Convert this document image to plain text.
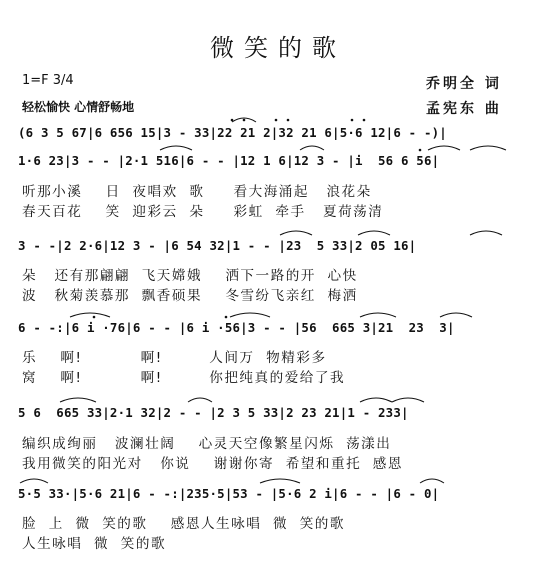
微笑的歌
1=F 3/4
轻松愉快 心情舒畅地
乔明全 词
孟宪东 曲
(6 3 5 67|6 656 15|3 - 33|22 21 2|32 21 6|5·6 12|6 - -)|
1·6 23|3 - - |2·1 516|6 - - |12 1 6|12 3 - |i  56 6 56|
听那小溪    日  夜唱欢  歌     看大海涌起   浪花朵
春天百花    笑  迎彩云  朵     彩虹  牵手   夏荷荡清
3 - -|2 2·6|12 3 - |6 54 32|1 - - |23  5 33|2 05 16|
朵   还有那翩翩  飞天嫦娥    洒下一路的开  心快
波   秋菊羡慕那  飘香硕果    冬雪纷飞亲红  梅洒
6 - -:|6 i ·76|6 - - |6 i ·56|3 - - |56  665 3|21  23  3|
乐    啊!          啊!        人间万  物精彩多
窝    啊!          啊!        你把纯真的爱给了我
5 6  665 33|2·1 32|2 - - |2 3 5 33|2 23 21|1 - 233|
编织成绚丽   波澜壮阔    心灵天空像繁星闪烁  荡漾出
我用微笑的阳光对   你说    谢谢你寄  希望和重托  感恩
5·5 33·|5·6 21|6 - -:|235·5|53 - |5·6 2 i|6 - - |6 - 0|
脸  上  微  笑的歌    感恩人生咏唱  微  笑的歌
人生咏唱  微  笑的歌
